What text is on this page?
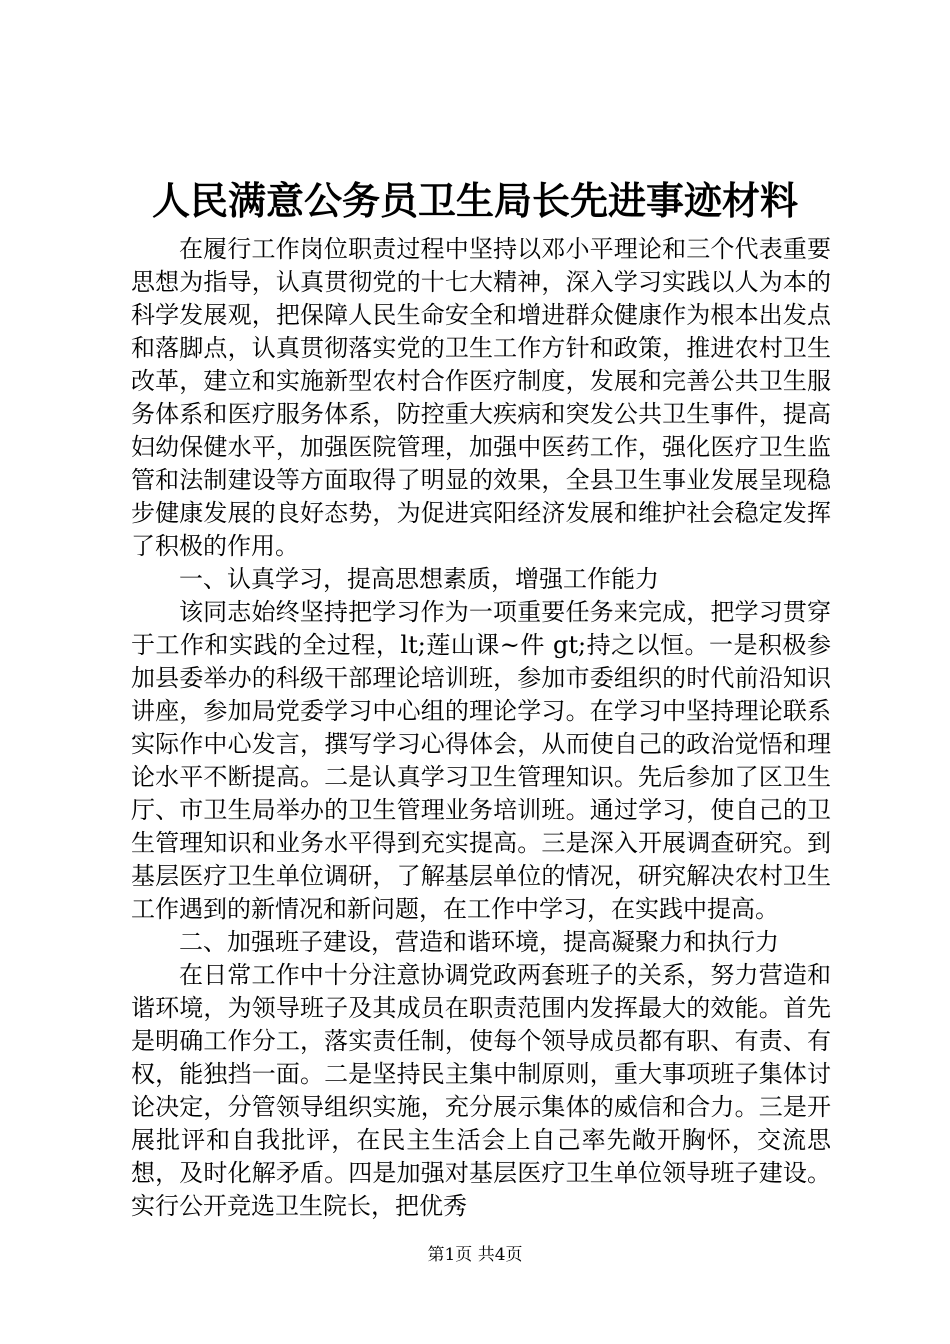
人民满意公务员卫生局长先进事迹材料

在履行工作岗位职责过程中坚持以邓小平理论和三个代表重要思想为指导，认真贯彻党的十七大精神，深入学习实践以人为本的科学发展观，把保障人民生命安全和增进群众健康作为根本出发点和落脚点，认真贯彻落实党的卫生工作方针和政策，推进农村卫生改革，建立和实施新型农村合作医疗制度，发展和完善公共卫生服务体系和医疗服务体系，防控重大疾病和突发公共卫生事件，提高妇幼保健水平，加强医院管理，加强中医药工作，强化医疗卫生监管和法制建设等方面取得了明显的效果，全县卫生事业发展呈现稳步健康发展的良好态势，为促进宾阳经济发展和维护社会稳定发挥了积极的作用。

一、认真学习，提高思想素质，增强工作能力

该同志始终坚持把学习作为一项重要任务来完成，把学习贯穿于工作和实践的全过程，lt;莲山课~件 gt;持之以恒。一是积极参加县委举办的科级干部理论培训班，参加市委组织的时代前沿知识讲座，参加局党委学习中心组的理论学习。在学习中坚持理论联系实际作中心发言，撰写学习心得体会，从而使自己的政治觉悟和理论水平不断提高。二是认真学习卫生管理知识。先后参加了区卫生厅、市卫生局举办的卫生管理业务培训班。通过学习，使自己的卫生管理知识和业务水平得到充实提高。三是深入开展调查研究。到基层医疗卫生单位调研，了解基层单位的情况，研究解决农村卫生工作遇到的新情况和新问题，在工作中学习，在实践中提高。

二、加强班子建设，营造和谐环境，提高凝聚力和执行力

在日常工作中十分注意协调党政两套班子的关系，努力营造和谐环境，为领导班子及其成员在职责范围内发挥最大的效能。首先是明确工作分工，落实责任制，使每个领导成员都有职、有责、有权，能独挡一面。二是坚持民主集中制原则，重大事项班子集体讨论决定，分管领导组织实施，充分展示集体的威信和合力。三是开展批评和自我批评，在民主生活会上自己率先敞开胸怀，交流思想，及时化解矛盾。四是加强对基层医疗卫生单位领导班子建设。实行公开竞选卫生院长，把优秀

第1页 共4页
